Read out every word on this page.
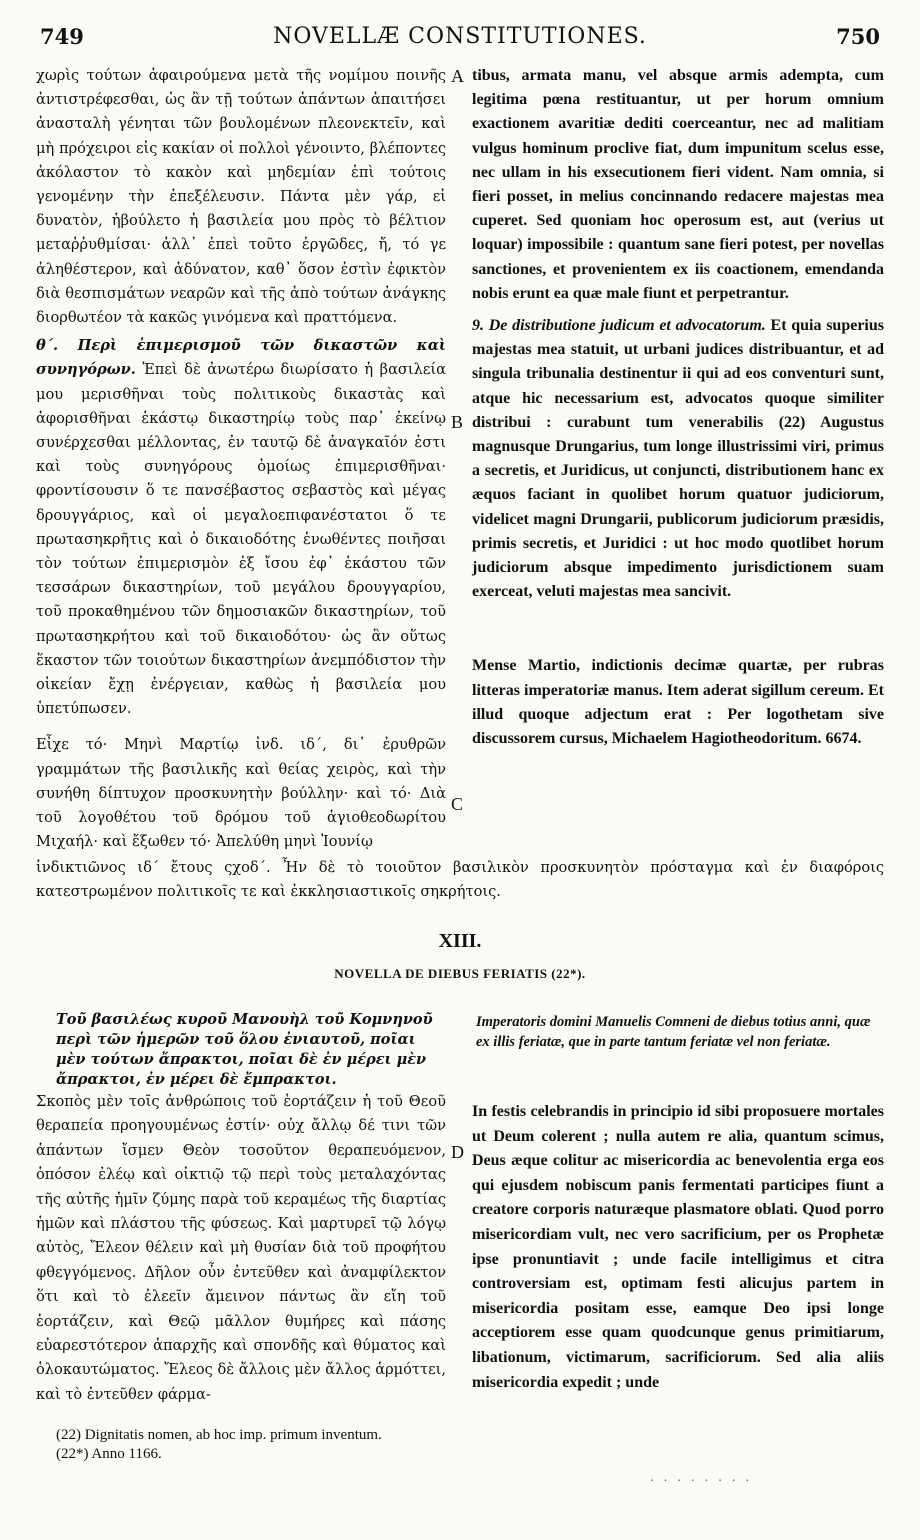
749	NOVELLÆ CONSTITUTIONES.	750

χωρὶς τούτων ἀφαιρούμενα μετὰ τῆς νομίμου ποινῆς ἀντιστρέφεσθαι, ὡς ἂν τῇ τούτων ἁπάντων ἀπαιτήσει ἀνασταλὴ γένηται τῶν βουλομένων πλεονεκτεῖν, καὶ μὴ πρόχειροι εἰς κακίαν οἱ πολλοὶ γένοιντο, βλέποντες ἀκόλαστον τὸ κακὸν καὶ μηδεμίαν ἐπὶ τούτοις γενομένην τὴν ἐπεξέλευσιν. Πάντα μὲν γάρ, εἰ δυνατὸν, ἠβούλετο ἡ βασιλεία μου πρὸς τὸ βέλτιον μεταῤῥυθμίσαι· ἀλλ᾽ ἐπεὶ τοῦτο ἐργῶδες, ἤ, τό γε ἀληθέστερον, καὶ ἀδύνατον, καθ᾽ ὅσον ἐστὶν ἐφικτὸν διὰ θεσπισμάτων νεαρῶν καὶ τῆς ἀπὸ τούτων ἀνάγκης διορθωτέον τὰ κακῶς γινόμενα καὶ πραττόμενα.

θ΄. Περὶ ἐπιμερισμοῦ τῶν δικαστῶν καὶ συνηγόρων. Ἐπεὶ δὲ ἀνωτέρω διωρίσατο ἡ βασιλεία μου μερισθῆναι τοὺς πολιτικοὺς δικαστὰς καὶ ἀφορισθῆναι ἑκάστῳ δικαστηρίῳ τοὺς παρ᾽ ἐκείνῳ συνέρχεσθαι μέλλοντας, ἐν ταυτῷ δὲ ἀναγκαῖόν ἐστι καὶ τοὺς συνηγόρους ὁμοίως ἐπιμερισθῆναι· φροντίσουσιν ὅ τε πανσέβαστος σεβαστὸς καὶ μέγας δρουγγάριος, καὶ οἱ μεγαλοεπιφανέστατοι ὅ τε πρωτασηκρῆτις καὶ ὁ δικαιοδότης ἑνωθέντες ποιῆσαι τὸν τούτων ἐπιμερισμὸν ἐξ ἴσου ἐφ᾽ ἑκάστου τῶν τεσσάρων δικαστηρίων, τοῦ μεγάλου δρουγγαρίου, τοῦ προκαθημένου τῶν δημοσιακῶν δικαστηρίων, τοῦ πρωτασηκρήτου καὶ τοῦ δικαιοδότου· ὡς ἂν οὕτως ἕκαστον τῶν τοιούτων δικαστηρίων ἀνεμπόδιστον τὴν οἰκείαν ἔχῃ ἐνέργειαν, καθὼς ἡ βασιλεία μου ὑπετύπωσεν.

Εἶχε τό· Μηνὶ Μαρτίῳ ἰνδ. ιδ΄, δι᾽ ἐρυθρῶν γραμμάτων τῆς βασιλικῆς καὶ θείας χειρὸς, καὶ τὴν συνήθη δίπτυχον προσκυνητὴν βούλλην· καὶ τό· Διὰ τοῦ λογοθέτου τοῦ δρόμου τοῦ ἁγιοθεοδωρίτου Μιχαήλ· καὶ ἔξωθεν τό· Ἀπελύθη μηνὶ Ἰουνίῳ

tibus, armata manu, vel absque armis adempta, cum legitima pœna restituantur, ut per horum omnium exactionem avaritiæ dediti coerceantur, nec ad malitiam vulgus hominum proclive fiat, dum impunitum scelus esse, nec ullam in his exsecutionem fieri vident. Nam omnia, si fieri posset, in melius concinnando redacere majestas mea cuperet. Sed quoniam hoc operosum est, aut (verius ut loquar) impossibile : quantum sane fieri potest, per novellas sanctiones, et provenientem ex iis coactionem, emendanda nobis erunt ea quæ male fiunt et perpetrantur.

9. De distributione judicum et advocatorum. Et quia superius majestas mea statuit, ut urbani judices distribuantur, et ad singula tribunalia destinentur ii qui ad eos conventuri sunt, atque hic necessarium est, advocatos quoque similiter distribui : curabunt tum venerabilis (22) Augustus magnusque Drungarius, tum longe illustrissimi viri, primus a secretis, et Juridicus, ut conjuncti, distributionem hanc ex æquos faciant in quolibet horum quatuor judiciorum, videlicet magni Drungarii, publicorum judiciorum præsidis, primis secretis, et Juridici : ut hoc modo quotlibet horum judiciorum absque impedimento jurisdictionem suam exerceat, veluti majestas mea sancivit.

Mense Martio, indictionis decimæ quartæ, per rubras litteras imperatoriæ manus. Item aderat sigillum cereum. Et illud quoque adjectum erat : Per logothetam sive discussorem cursus, Michaelem Hagiotheodoritum. 6674.

ἰνδικτιῶνος ιδ΄ ἔτους ςχοδ΄. Ἦν δὲ τὸ τοιοῦτον βασιλικὸν προσκυνητὸν πρόσταγμα καὶ ἐν διαφόροις κατεστρωμένον πολιτικοῖς τε καὶ ἐκκλησιαστικοῖς σηκρήτοις.
A
B
C
D
XIII.
NOVELLA DE DIEBUS FERIATIS (22*).
Τοῦ βασιλέως κυροῦ Μανουὴλ τοῦ Κομνηνοῦ περὶ τῶν ἡμερῶν τοῦ ὅλου ἐνιαυτοῦ, ποῖαι μὲν τούτων ἄπρακτοι, ποῖαι δὲ ἐν μέρει μὲν ἄπρακτοι, ἐν μέρει δὲ ἔμπρακτοι.
Imperatoris domini Manuelis Comneni de diebus totius anni, quæ ex illis feriatæ, que in parte tantum feriatæ vel non feriatæ.
Σκοπὸς μὲν τοῖς ἀνθρώποις τοῦ ἑορτάζειν ἡ τοῦ Θεοῦ θεραπεία προηγουμένως ἐστίν· οὐχ ἄλλῳ δέ τινι τῶν ἁπάντων ἴσμεν Θεὸν τοσοῦτον θεραπευόμενον, ὁπόσον ἐλέῳ καὶ οἰκτιῷ τῷ περὶ τοὺς μεταλαχόντας τῆς αὐτῆς ἡμῖν ζύμης παρὰ τοῦ κεραμέως τῆς διαρτίας ἡμῶν καὶ πλάστου τῆς φύσεως. Καὶ μαρτυρεῖ τῷ λόγῳ αὐτὸς, Ἔλεον θέλειν καὶ μὴ θυσίαν διὰ τοῦ προφήτου φθεγγόμενος. Δῆλον οὖν ἐντεῦθεν καὶ ἀναμφίλεκτον ὅτι καὶ τὸ ἐλεεῖν ἄμεινον πάντως ἂν εἴη τοῦ ἑορτάζειν, καὶ Θεῷ μᾶλλον θυμήρες καὶ πάσης εὐαρεστότερον ἀπαρχῆς καὶ σπονδῆς καὶ θύματος καὶ ὁλοκαυτώματος. Ἔλεος δὲ ἄλλοις μὲν ἄλλος ἁρμόττει, καὶ τὸ ἐντεῦθεν φάρμα-
In festis celebrandis in principio id sibi proposuere mortales ut Deum colerent ; nulla autem re alia, quantum scimus, Deus æque colitur ac misericordia ac benevolentia erga eos qui ejusdem nobiscum panis fermentati participes fiunt a creatore corporis naturæque plasmatore oblati. Quod porro misericordiam vult, nec vero sacrificium, per os Prophetæ ipse pronuntiavit ; unde facile intelligimus et citra controversiam est, optimam festi alicujus partem in misericordia positam esse, eamque Deo ipsi longe acceptiorem esse quam quodcunque genus primitiarum, libationum, victimarum, sacrificiorum. Sed alia aliis misericordia expedit ; unde
(22) Dignitatis nomen, ab hoc imp. primum inventum.
(22*) Anno 1166.
. . . . . . . .
